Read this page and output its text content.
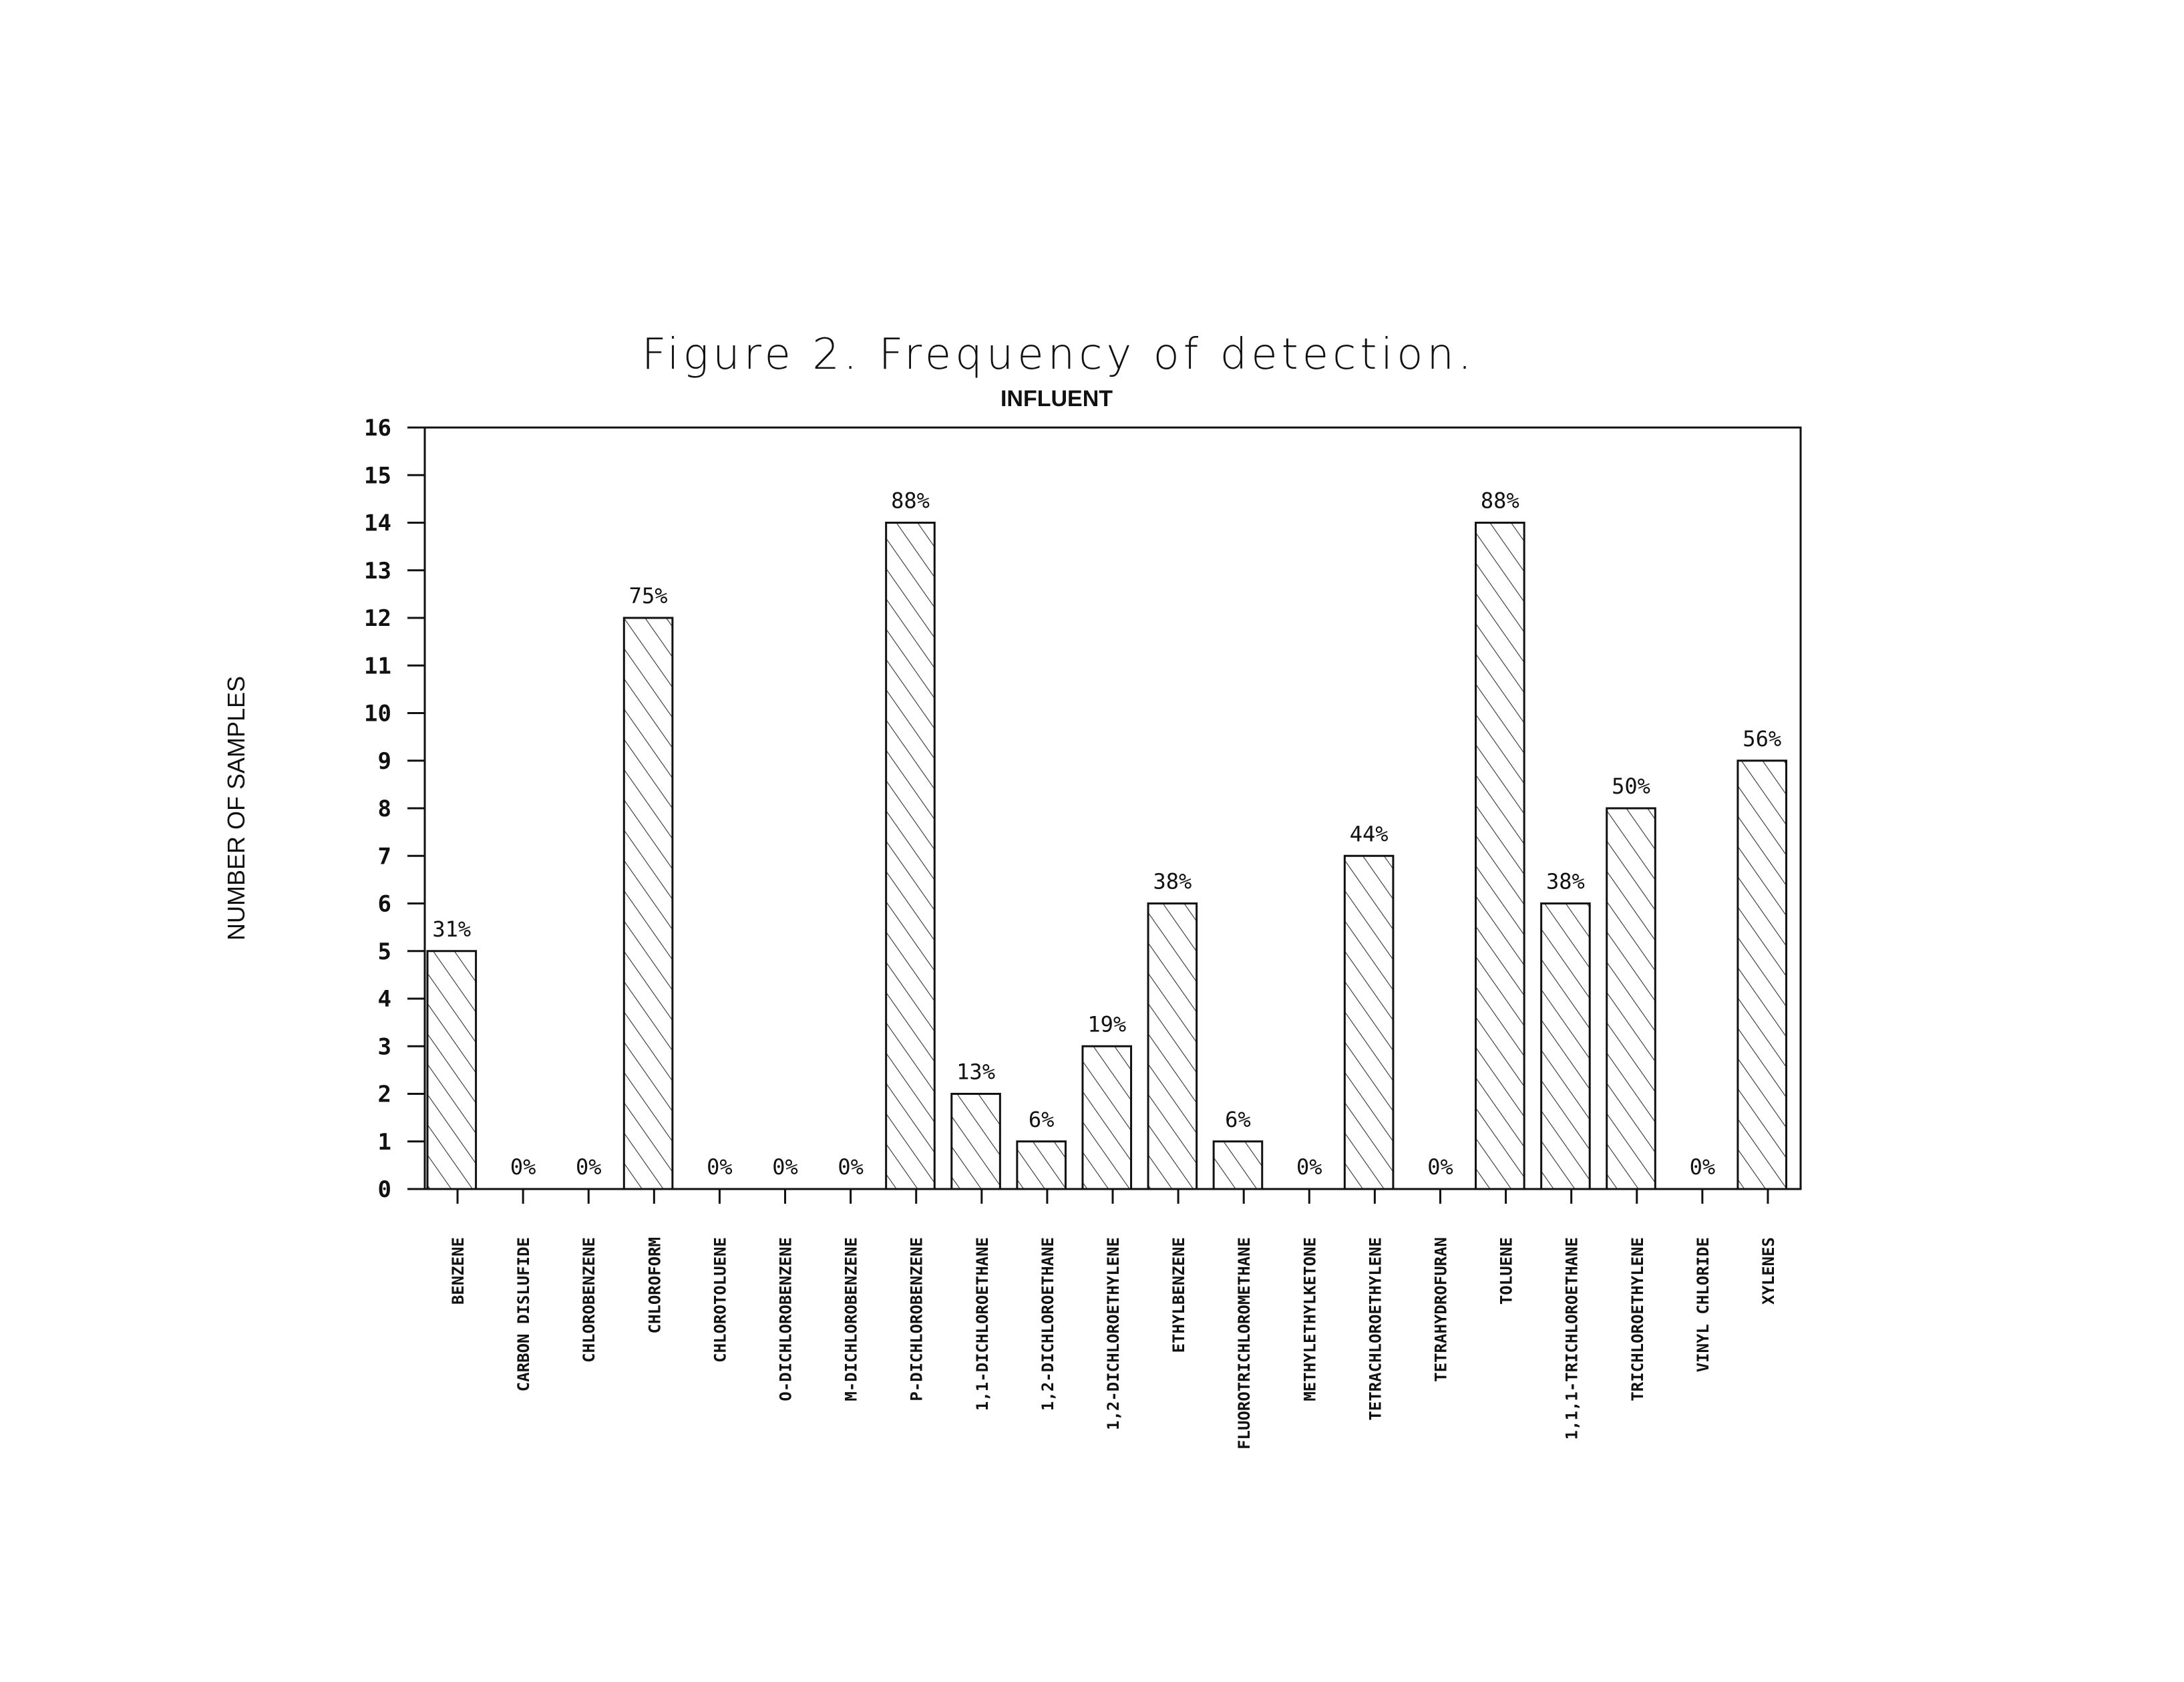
Figure 2. Frequency of detection.
INFLUENT
NUMBER OF SAMPLES
0
1
2
3
4
5
6
7
8
9
10
11
12
13
14
15
16
31%
0% 0%
75%
0% 0% 0%
88%
13%
6%
19%
38%
6%
0%
44%
0%
88%
38%
50%
0%
56%
BENZENE	CARBON DISLUFIDE	CHLOROBENZENE	CHLOROFORM	CHLOROTOLUENE	O-DICHLOROBENZENE	M-DICHLOROBENZENE	P-DICHLOROBENZENE	1,1-DICHLOROETHANE	1,2-DICHLOROETHANE	1,2-DICHLOROETHYLENE	ETHYLBENZENE	FLUOROTRICHLOROMETHANE	METHYLETHYLKETONE	TETRACHLOROETHYLENE	TETRAHYDROFURAN	TOLUENE	1,1,1-TRICHLOROETHANE	TRICHLOROETHYLENE	VINYL CHLORIDE	XYLENES
